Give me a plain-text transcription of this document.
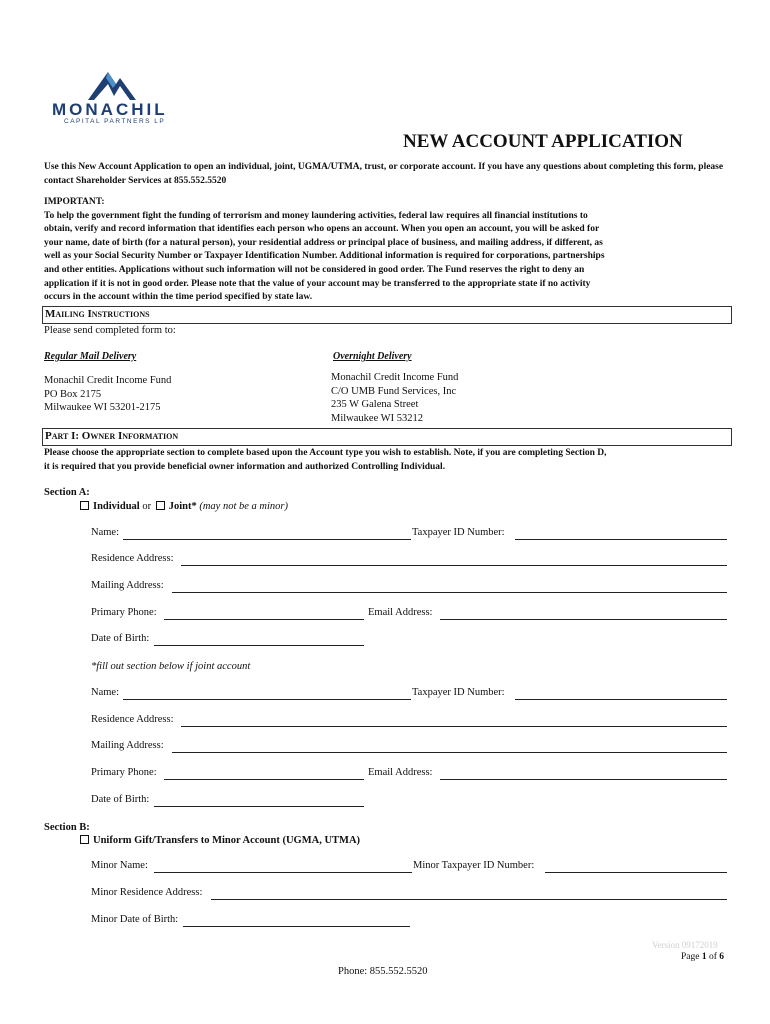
MONACHIL
CAPITAL PARTNERS LP
NEW ACCOUNT APPLICATION
Use this New Account Application to open an individual, joint, UGMA/UTMA, trust, or corporate account. If you have any questions about completing this form, please contact Shareholder Services at 855.552.5520
IMPORTANT:
To help the government fight the funding of terrorism and money laundering activities, federal law requires all financial institutions to
obtain, verify and record information that identifies each person who opens an account. When you open an account, you will be asked for
your name, date of birth (for a natural person), your residential address or principal place of business, and mailing address, if different, as
well as your Social Security Number or Taxpayer Identification Number. Additional information is required for corporations, partnerships
and other entities. Applications without such information will not be considered in good order. The Fund reserves the right to deny an
application if it is not in good order. Please note that the value of your account may be transferred to the appropriate state if no activity
occurs in the account within the time period specified by state law.
Mailing Instructions
Please send completed form to:
Regular Mail Delivery
Monachil Credit Income Fund
PO Box 2175
Milwaukee WI 53201-2175
Overnight Delivery
Monachil Credit Income Fund
C/O UMB Fund Services, Inc
235 W Galena Street
Milwaukee WI 53212
Part I: Owner Information
Please choose the appropriate section to complete based upon the Account type you wish to establish. Note, if you are completing Section D,
it is required that you provide beneficial owner information and authorized Controlling Individual.
Section A:
Individual or Joint* (may not be a minor)
Name:	Taxpayer ID Number:
Residence Address:
Mailing Address:
Primary Phone:	Email Address:
Date of Birth:
*fill out section below if joint account
Name:	Taxpayer ID Number:
Residence Address:
Mailing Address:
Primary Phone:	Email Address:
Date of Birth:
Section B:
Uniform Gift/Transfers to Minor Account (UGMA, UTMA)
Minor Name:	Minor Taxpayer ID Number:
Minor Residence Address:
Minor Date of Birth:
Version 09172019
Page 1 of 6
Phone: 855.552.5520
